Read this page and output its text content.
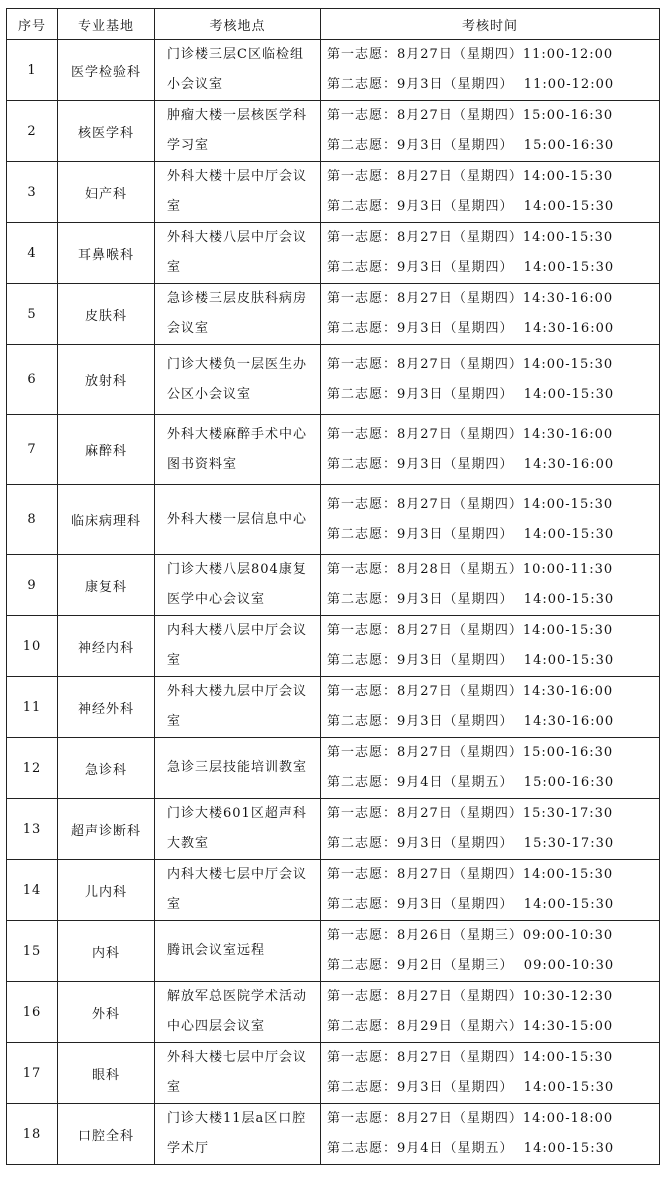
序号	专业基地	考核地点	考核时间
1	医学检验科	门诊楼三层C区临检组小会议室	第一志愿：8月27日（星期四）11:00-12:00
第二志愿：9月3日（星期四）  11:00-12:00

2	核医学科	肿瘤大楼一层核医学科学习室	第一志愿：8月27日（星期四）15:00-16:30
第二志愿：9月3日（星期四）  15:00-16:30

3	妇产科	外科大楼十层中厅会议室	第一志愿：8月27日（星期四）14:00-15:30
第二志愿：9月3日（星期四）  14:00-15:30

4	耳鼻喉科	外科大楼八层中厅会议室	第一志愿：8月27日（星期四）14:00-15:30
第二志愿：9月3日（星期四）  14:00-15:30

5	皮肤科	急诊楼三层皮肤科病房会议室	第一志愿：8月27日（星期四）14:30-16:00
第二志愿：9月3日（星期四）  14:30-16:00

6	放射科	门诊大楼负一层医生办公区小会议室	第一志愿：8月27日（星期四）14:00-15:30
第二志愿：9月3日（星期四）  14:00-15:30

7	麻醉科	外科大楼麻醉手术中心图书资料室	第一志愿：8月27日（星期四）14:30-16:00
第二志愿：9月3日（星期四）  14:30-16:00

8	临床病理科	外科大楼一层信息中心	第一志愿：8月27日（星期四）14:00-15:30
第二志愿：9月3日（星期四）  14:00-15:30

9	康复科	门诊大楼八层804康复医学中心会议室	第一志愿：8月28日（星期五）10:00-11:30
第二志愿：9月3日（星期四）  14:00-15:30

10	神经内科	内科大楼八层中厅会议室	第一志愿：8月27日（星期四）14:00-15:30
第二志愿：9月3日（星期四）  14:00-15:30

11	神经外科	外科大楼九层中厅会议室	第一志愿：8月27日（星期四）14:30-16:00
第二志愿：9月3日（星期四）  14:30-16:00

12	急诊科	急诊三层技能培训教室	第一志愿：8月27日（星期四）15:00-16:30
第二志愿：9月4日（星期五）  15:00-16:30

13	超声诊断科	门诊大楼601区超声科大教室	第一志愿：8月27日（星期四）15:30-17:30
第二志愿：9月3日（星期四）  15:30-17:30

14	儿内科	内科大楼七层中厅会议室	第一志愿：8月27日（星期四）14:00-15:30
第二志愿：9月3日（星期四）  14:00-15:30

15	内科	腾讯会议室远程	第一志愿：8月26日（星期三）09:00-10:30
第二志愿：9月2日（星期三）  09:00-10:30

16	外科	解放军总医院学术活动中心四层会议室	第一志愿：8月27日（星期四）10:30-12:30
第二志愿：8月29日（星期六）14:30-15:00

17	眼科	外科大楼七层中厅会议室	第一志愿：8月27日（星期四）14:00-15:30
第二志愿：9月3日（星期四）  14:00-15:30

18	口腔全科	门诊大楼11层a区口腔学术厅	第一志愿：8月27日（星期四）14:00-18:00
第二志愿：9月4日（星期五）  14:00-15:30
